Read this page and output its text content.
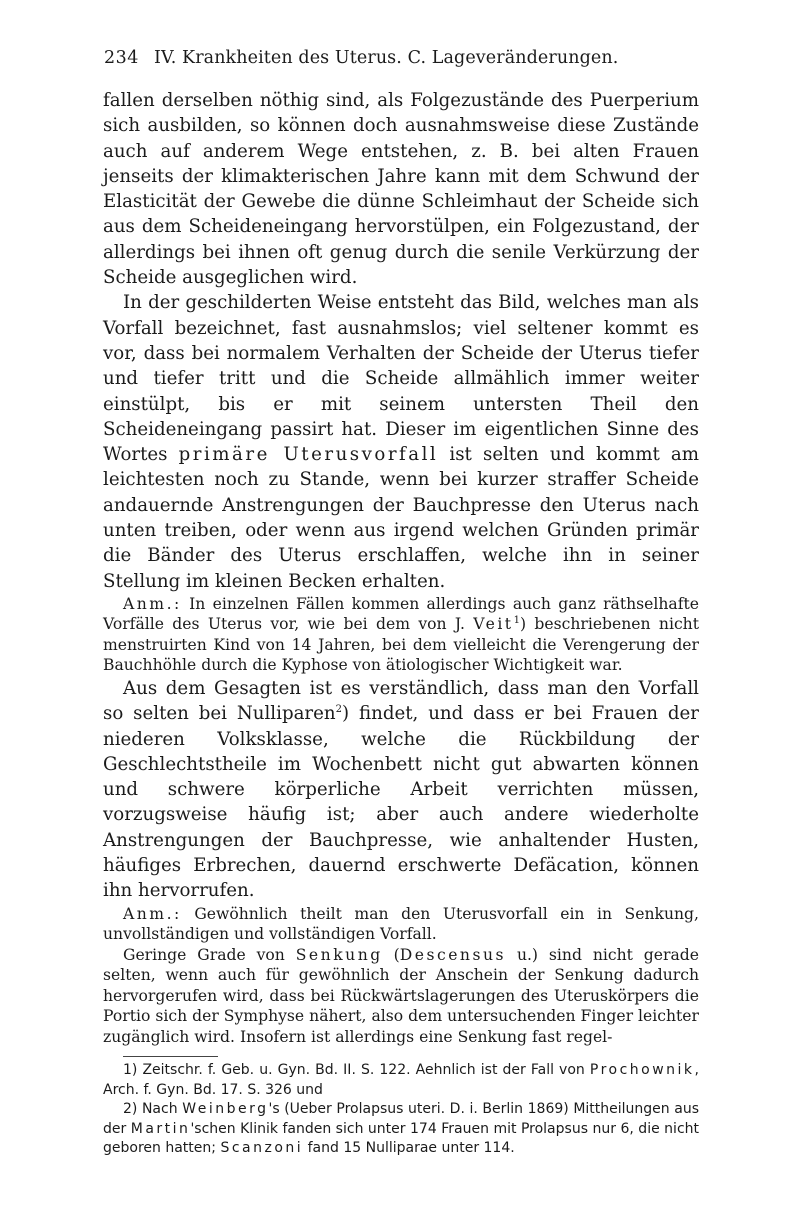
234 IV. Krankheiten des Uterus. C. Lageveränderungen.

fallen derselben nöthig sind, als Folgezustände des Puerperium sich ausbilden, so können doch ausnahmsweise diese Zustände auch auf anderem Wege entstehen, z. B. bei alten Frauen jenseits der klimakterischen Jahre kann mit dem Schwund der Elasticität der Gewebe die dünne Schleimhaut der Scheide sich aus dem Scheideneingang hervorstülpen, ein Folgezustand, der allerdings bei ihnen oft genug durch die senile Verkürzung der Scheide ausgeglichen wird.

In der geschilderten Weise entsteht das Bild, welches man als Vorfall bezeichnet, fast ausnahmslos; viel seltener kommt es vor, dass bei normalem Verhalten der Scheide der Uterus tiefer und tiefer tritt und die Scheide allmählich immer weiter einstülpt, bis er mit seinem untersten Theil den Scheideneingang passirt hat. Dieser im eigentlichen Sinne des Wortes primäre Uterusvorfall ist selten und kommt am leichtesten noch zu Stande, wenn bei kurzer straffer Scheide andauernde Anstrengungen der Bauchpresse den Uterus nach unten treiben, oder wenn aus irgend welchen Gründen primär die Bänder des Uterus erschlaffen, welche ihn in seiner Stellung im kleinen Becken erhalten.

Anm.: In einzelnen Fällen kommen allerdings auch ganz räthselhafte Vorfälle des Uterus vor, wie bei dem von J. Veit$^1$) beschriebenen nicht menstruirten Kind von 14 Jahren, bei dem vielleicht die Verengerung der Bauchhöhle durch die Kyphose von ätiologischer Wichtigkeit war.

Aus dem Gesagten ist es verständlich, dass man den Vorfall so selten bei Nulliparen$^2$) findet, und dass er bei Frauen der niederen Volksklasse, welche die Rückbildung der Geschlechtstheile im Wochenbett nicht gut abwarten können und schwere körperliche Arbeit verrichten müssen, vorzugsweise häufig ist; aber auch andere wiederholte Anstrengungen der Bauchpresse, wie anhaltender Husten, häufiges Erbrechen, dauernd erschwerte Defäcation, können ihn hervorrufen.

Anm.: Gewöhnlich theilt man den Uterusvorfall ein in Senkung, unvollständigen und vollständigen Vorfall.
Geringe Grade von Senkung (Descensus u.) sind nicht gerade selten, wenn auch für gewöhnlich der Anschein der Senkung dadurch hervorgerufen wird, dass bei Rückwärtslagerungen des Uteruskörpers die Portio sich der Symphyse nähert, also dem untersuchenden Finger leichter zugänglich wird. Insofern ist allerdings eine Senkung fast regel-

1) Zeitschr. f. Geb. u. Gyn. Bd. II. S. 122. Aehnlich ist der Fall von Prochownik, Arch. f. Gyn. Bd. 17. S. 326 und

2) Nach Weinberg's (Ueber Prolapsus uteri. D. i. Berlin 1869) Mittheilungen aus der Martin'schen Klinik fanden sich unter 174 Frauen mit Prolapsus nur 6, die nicht geboren hatten; Scanzoni fand 15 Nulliparae unter 114.
